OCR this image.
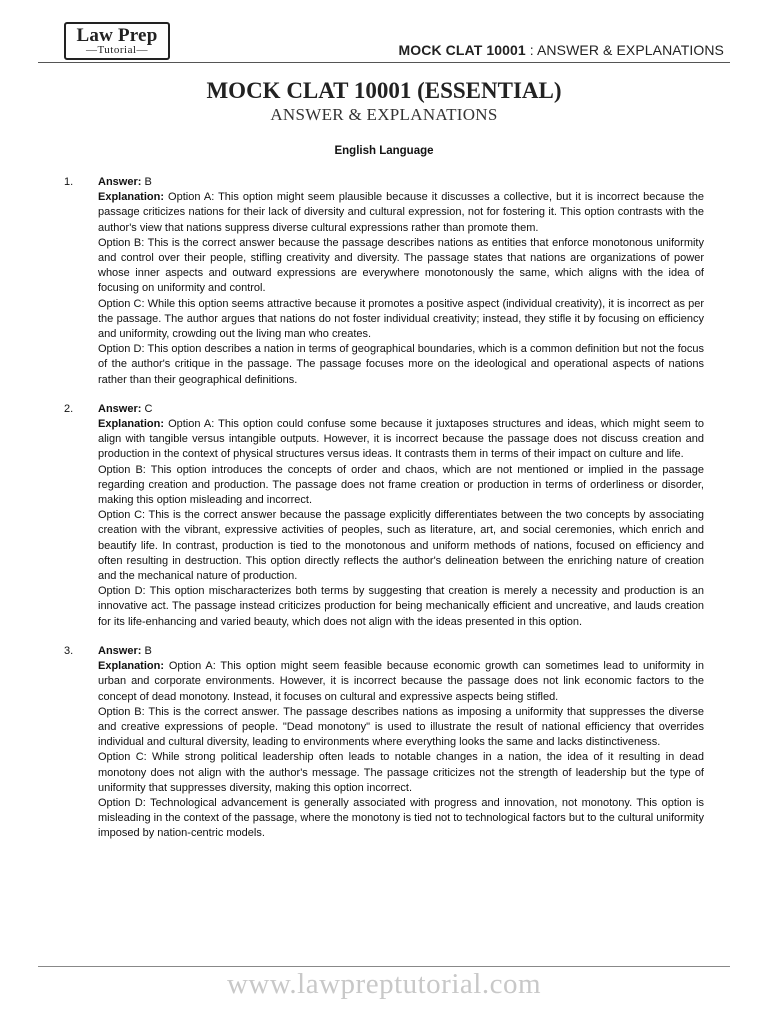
Law Prep
—Tutorial—	MOCK CLAT 10001 : ANSWER & EXPLANATIONS
MOCK CLAT 10001 (ESSENTIAL)
ANSWER & EXPLANATIONS
English Language
1.	Answer: B

Explanation: Option A: This option might seem plausible because it discusses a collective, but it is incorrect because the passage criticizes nations for their lack of diversity and cultural expression, not for fostering it. This option contrasts with the author's view that nations suppress diverse cultural expressions rather than promote them.

Option B: This is the correct answer because the passage describes nations as entities that enforce monotonous uniformity and control over their people, stifling creativity and diversity. The passage states that nations are organizations of power whose inner aspects and outward expressions are everywhere monotonously the same, which aligns with the idea of focusing on uniformity and control.

Option C: While this option seems attractive because it promotes a positive aspect (individual creativity), it is incorrect as per the passage. The author argues that nations do not foster individual creativity; instead, they stifle it by focusing on efficiency and uniformity, crowding out the living man who creates.

Option D: This option describes a nation in terms of geographical boundaries, which is a common definition but not the focus of the author's critique in the passage. The passage focuses more on the ideological and operational aspects of nations rather than their geographical definitions.

2.	Answer: C

Explanation: Option A: This option could confuse some because it juxtaposes structures and ideas, which might seem to align with tangible versus intangible outputs. However, it is incorrect because the passage does not discuss creation and production in the context of physical structures versus ideas. It contrasts them in terms of their impact on culture and life.

Option B: This option introduces the concepts of order and chaos, which are not mentioned or implied in the passage regarding creation and production. The passage does not frame creation or production in terms of orderliness or disorder, making this option misleading and incorrect.

Option C: This is the correct answer because the passage explicitly differentiates between the two concepts by associating creation with the vibrant, expressive activities of peoples, such as literature, art, and social ceremonies, which enrich and beautify life. In contrast, production is tied to the monotonous and uniform methods of nations, focused on efficiency and often resulting in destruction. This option directly reflects the author's delineation between the enriching nature of creation and the mechanical nature of production.

Option D: This option mischaracterizes both terms by suggesting that creation is merely a necessity and production is an innovative act. The passage instead criticizes production for being mechanically efficient and uncreative, and lauds creation for its life-enhancing and varied beauty, which does not align with the ideas presented in this option.

3.	Answer: B

Explanation: Option A: This option might seem feasible because economic growth can sometimes lead to uniformity in urban and corporate environments. However, it is incorrect because the passage does not link economic factors to the concept of dead monotony. Instead, it focuses on cultural and expressive aspects being stifled.

Option B: This is the correct answer. The passage describes nations as imposing a uniformity that suppresses the diverse and creative expressions of people. "Dead monotony" is used to illustrate the result of national efficiency that overrides individual and cultural diversity, leading to environments where everything looks the same and lacks distinctiveness.

Option C: While strong political leadership often leads to notable changes in a nation, the idea of it resulting in dead monotony does not align with the author's message. The passage criticizes not the strength of leadership but the type of uniformity that suppresses diversity, making this option incorrect.

Option D: Technological advancement is generally associated with progress and innovation, not monotony. This option is misleading in the context of the passage, where the monotony is tied not to technological factors but to the cultural uniformity imposed by nation-centric models.

www.lawpreptutorial.com
